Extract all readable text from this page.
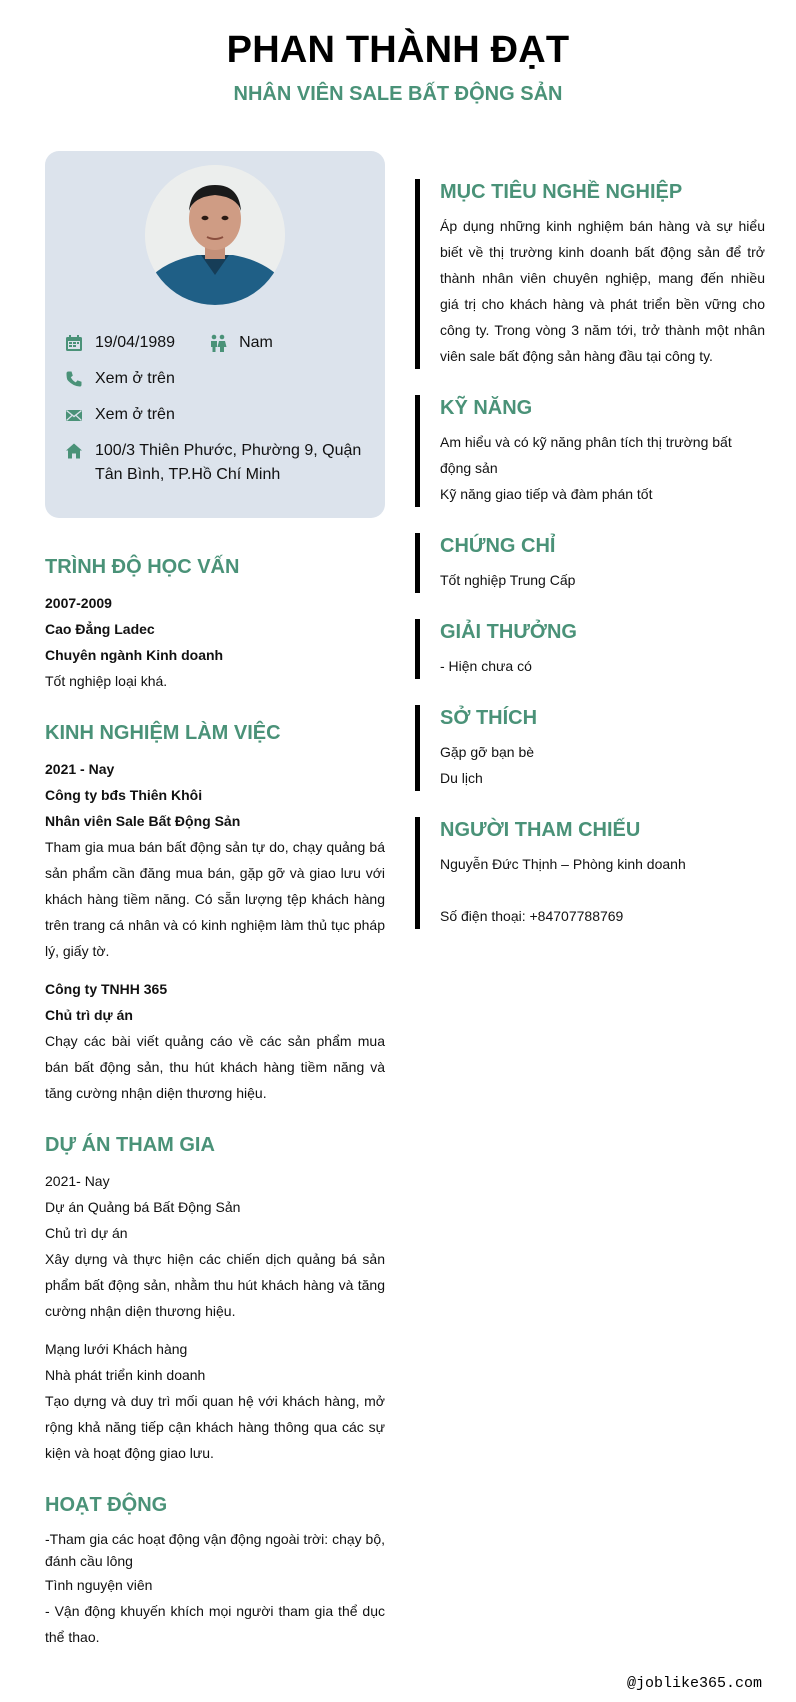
PHAN THÀNH ĐẠT
NHÂN VIÊN SALE BẤT ĐỘNG SẢN
19/04/1989	Nam
Xem ở trên
Xem ở trên
100/3 Thiên Phước, Phường 9, Quận Tân Bình, TP.Hồ Chí Minh
TRÌNH ĐỘ HỌC VẤN
2007-2009
Cao Đẳng Ladec
Chuyên ngành Kinh doanh
Tốt nghiệp loại khá.
KINH NGHIỆM LÀM VIỆC
2021 - Nay
Công ty bđs Thiên Khôi
Nhân viên Sale Bất Động Sản
Tham gia mua bán bất động sản tự do, chạy quảng bá sản phẩm cần đăng mua bán, gặp gỡ và giao lưu với khách hàng tiềm năng. Có sẵn lượng tệp khách hàng trên trang cá nhân và có kinh nghiệm làm thủ tục pháp lý, giấy tờ.
Công ty TNHH 365
Chủ trì dự án
Chạy các bài viết quảng cáo về các sản phẩm mua bán bất động sản, thu hút khách hàng tiềm năng và tăng cường nhận diện thương hiệu.
DỰ ÁN THAM GIA
2021- Nay
Dự án Quảng bá Bất Động Sản
Chủ trì dự án
Xây dựng và thực hiện các chiến dịch quảng bá sản phẩm bất động sản, nhằm thu hút khách hàng và tăng cường nhận diện thương hiệu.
Mạng lưới Khách hàng
Nhà phát triển kinh doanh
Tạo dựng và duy trì mối quan hệ với khách hàng, mở rộng khả năng tiếp cận khách hàng thông qua các sự kiện và hoạt động giao lưu.
HOẠT ĐỘNG
-Tham gia các hoạt động vận động ngoài trời: chạy bộ, đánh cầu lông
Tình nguyện viên
- Vận động khuyến khích mọi người tham gia thể dục thể thao.
MỤC TIÊU NGHỀ NGHIỆP
Áp dụng những kinh nghiệm bán hàng và sự hiểu biết về thị trường kinh doanh bất động sản để trở thành nhân viên chuyên nghiệp, mang đến nhiều giá trị cho khách hàng và phát triển bền vững cho công ty. Trong vòng 3 năm tới, trở thành một nhân viên sale bất động sản hàng đầu tại công ty.
KỸ NĂNG
Am hiểu và có kỹ năng phân tích thị trường bất động sản
Kỹ năng giao tiếp và đàm phán tốt
CHỨNG CHỈ
Tốt nghiệp Trung Cấp
GIẢI THƯỞNG
- Hiện chưa có
SỞ THÍCH
Gặp gỡ bạn bè
Du lịch
NGƯỜI THAM CHIẾU
Nguyễn Đức Thịnh – Phòng kinh doanh
Số điện thoại: +84707788769
@joblike365.com
